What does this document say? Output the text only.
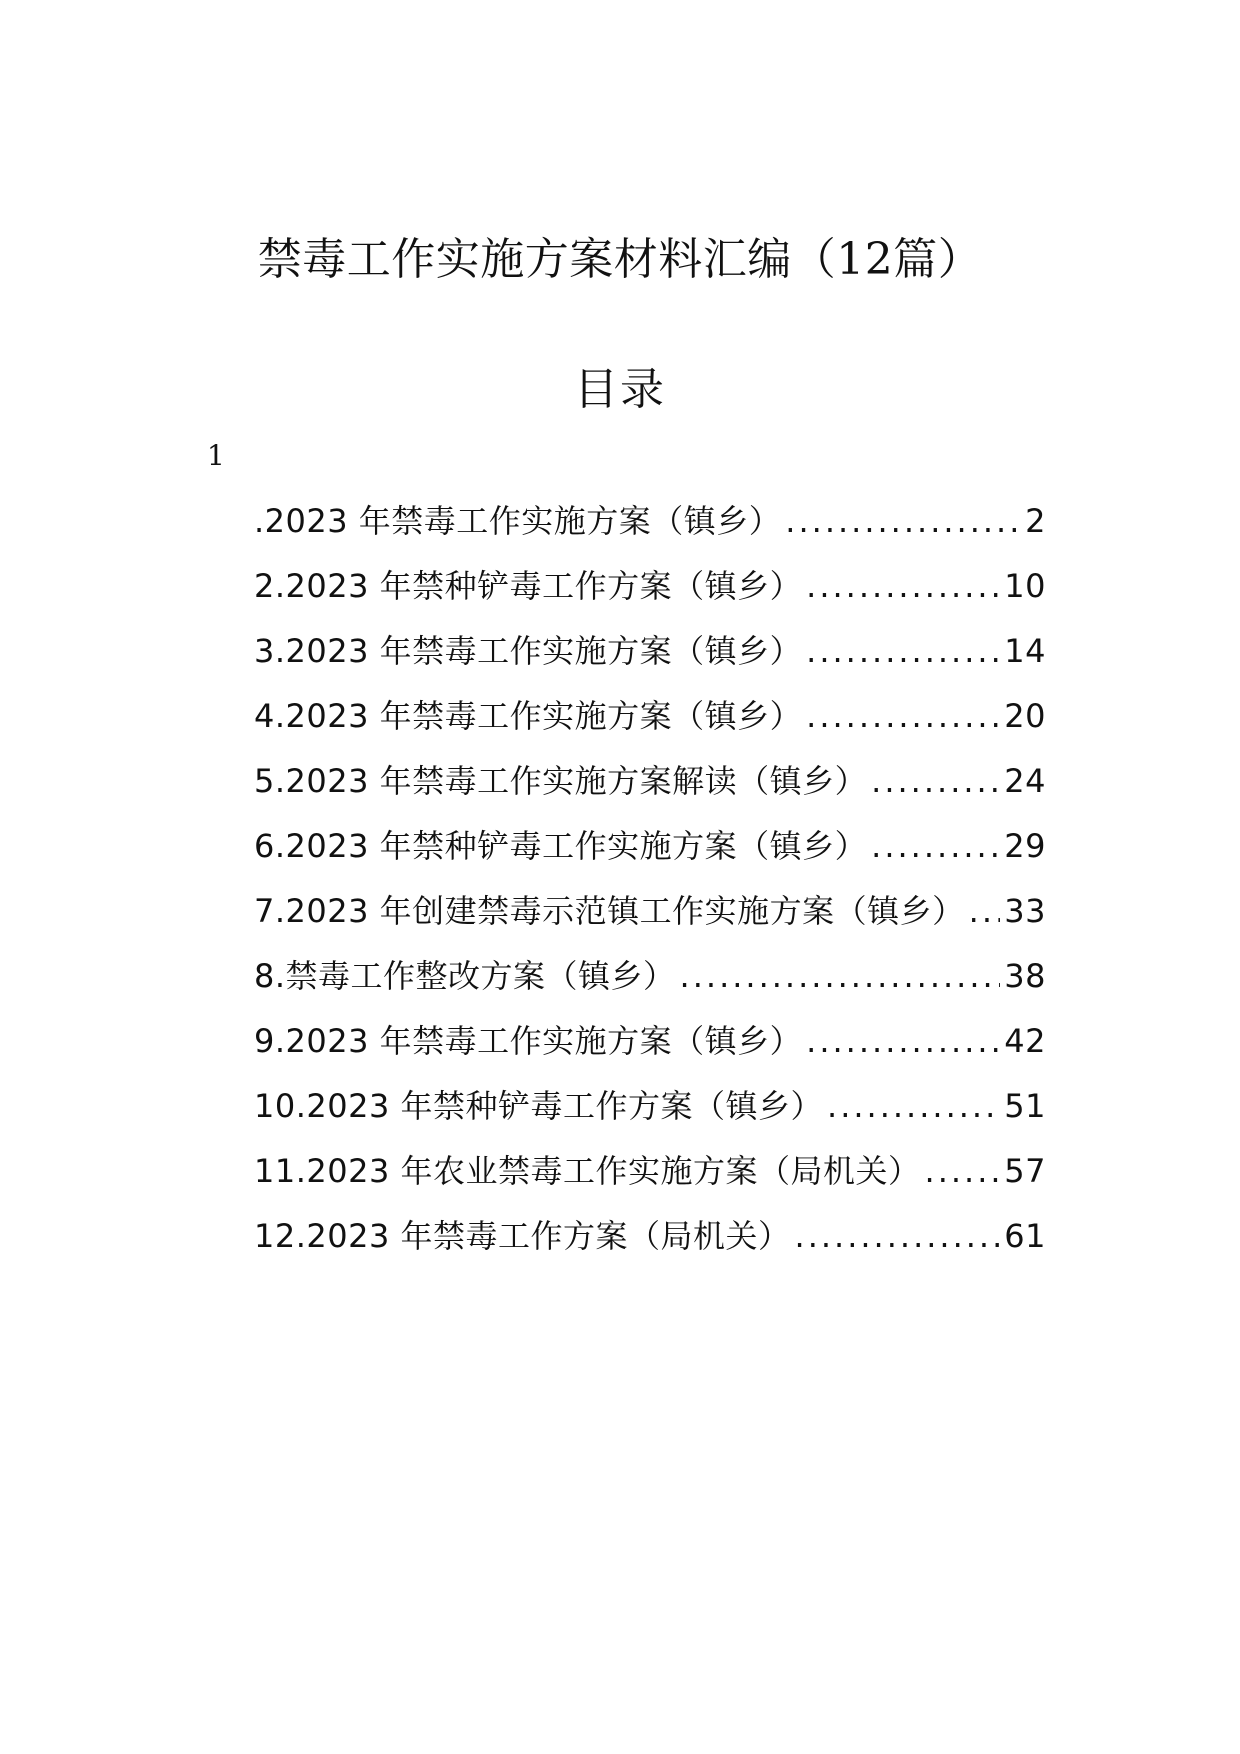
禁毒工作实施方案材料汇编（12篇）
目录
1
.2023 年禁毒工作实施方案（镇乡） .....	2
2.2023 年禁种铲毒工作方案（镇乡） .....	10
3.2023 年禁毒工作实施方案（镇乡） .....	14
4.2023 年禁毒工作实施方案（镇乡） .....	20
5.2023 年禁毒工作实施方案解读（镇乡） .....	24
6.2023 年禁种铲毒工作实施方案（镇乡） .....	29
7.2023 年创建禁毒示范镇工作实施方案（镇乡） ..... 33
8.禁毒工作整改方案（镇乡） .....	38
9.2023 年禁毒工作实施方案（镇乡） .....	42
10.2023 年禁种铲毒工作方案（镇乡） .....	51
11.2023 年农业禁毒工作实施方案（局机关） .....	57
12.2023 年禁毒工作方案（局机关） .....	61
